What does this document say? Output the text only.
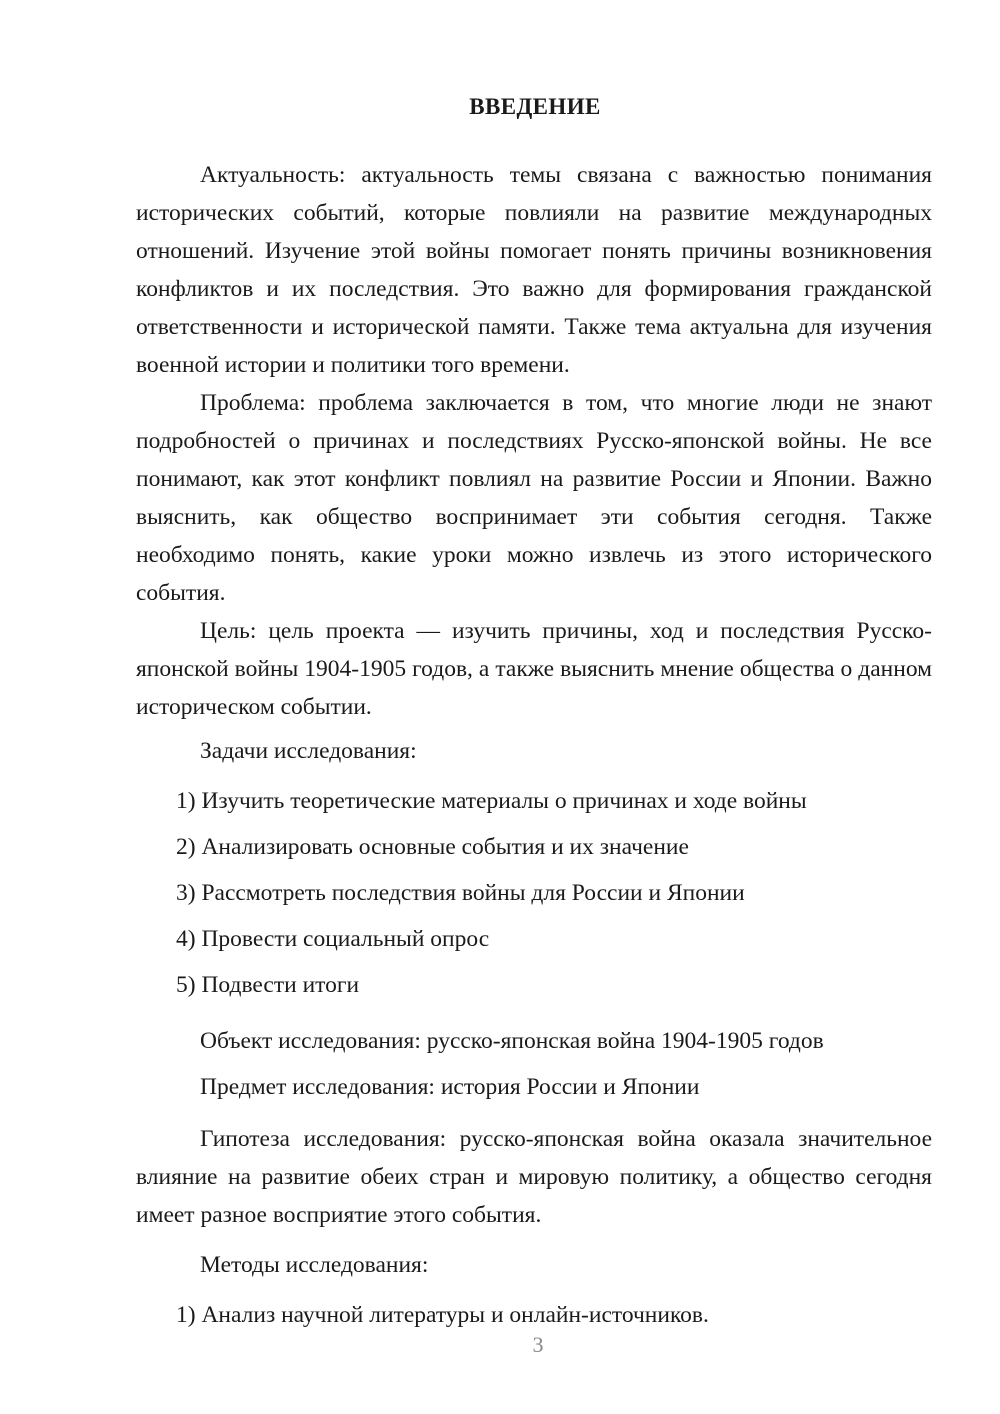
ВВЕДЕНИЕ

Актуальность: актуальность темы связана с важностью понимания исторических событий, которые повлияли на развитие международных отношений. Изучение этой войны помогает понять причины возникновения конфликтов и их последствия. Это важно для формирования гражданской ответственности и исторической памяти. Также тема актуальна для изучения военной истории и политики того времени.

Проблема: проблема заключается в том, что многие люди не знают подробностей о причинах и последствиях Русско-японской войны. Не все понимают, как этот конфликт повлиял на развитие России и Японии. Важно выяснить, как общество воспринимает эти события сегодня. Также необходимо понять, какие уроки можно извлечь из этого исторического события.

Цель: цель проекта — изучить причины, ход и последствия Русско-японской войны 1904-1905 годов, а также выяснить мнение общества о данном историческом событии.

Задачи исследования:

1) Изучить теоретические материалы о причинах и ходе войны
2) Анализировать основные события и их значение
3) Рассмотреть последствия войны для России и Японии
4) Провести социальный опрос
5) Подвести итоги

Объект исследования: русско-японская война 1904-1905 годов

Предмет исследования: история России и Японии

Гипотеза исследования: русско-японская война оказала значительное влияние на развитие обеих стран и мировую политику, а общество сегодня имеет разное восприятие этого события.

Методы исследования:

1) Анализ научной литературы и онлайн-источников.
3
